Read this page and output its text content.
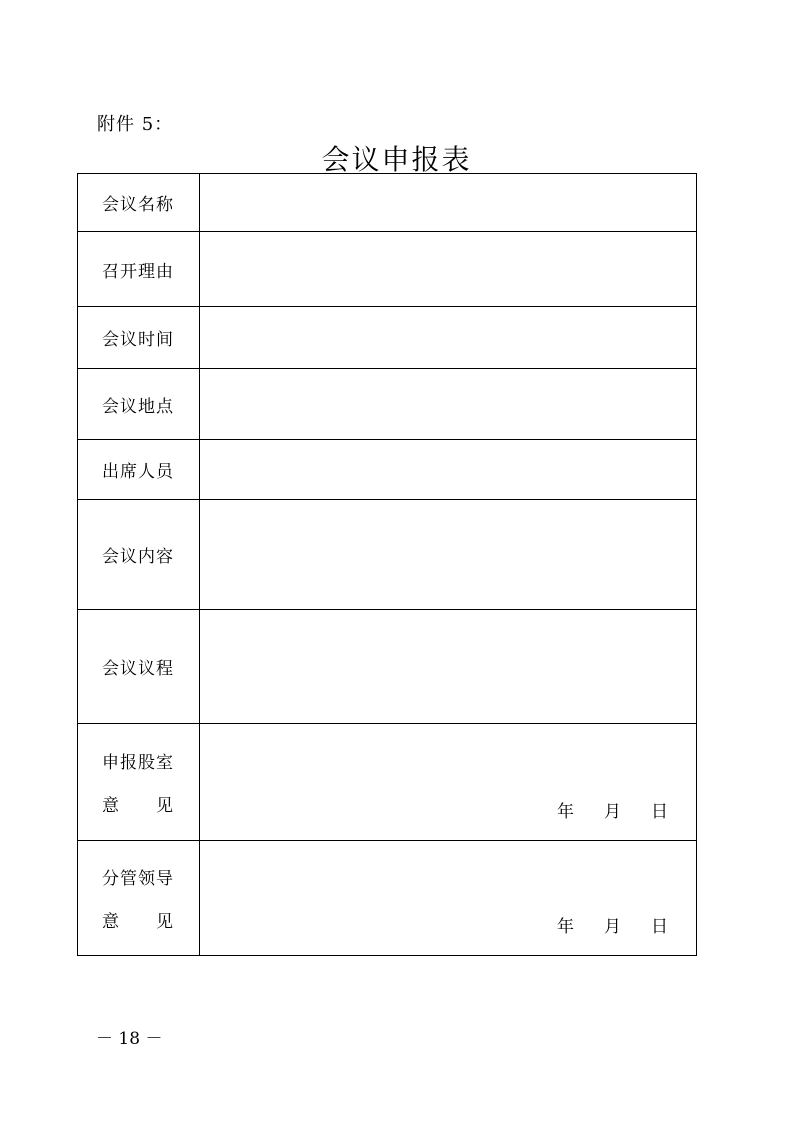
附件 5：
会议申报表
会议名称	
召开理由	
会议时间	
会议地点	
出席人员	
会议内容	
会议议程	
申报股室
意　　见	年 月 日

分管领导
意　　见	年 月 日
－ 18 －
